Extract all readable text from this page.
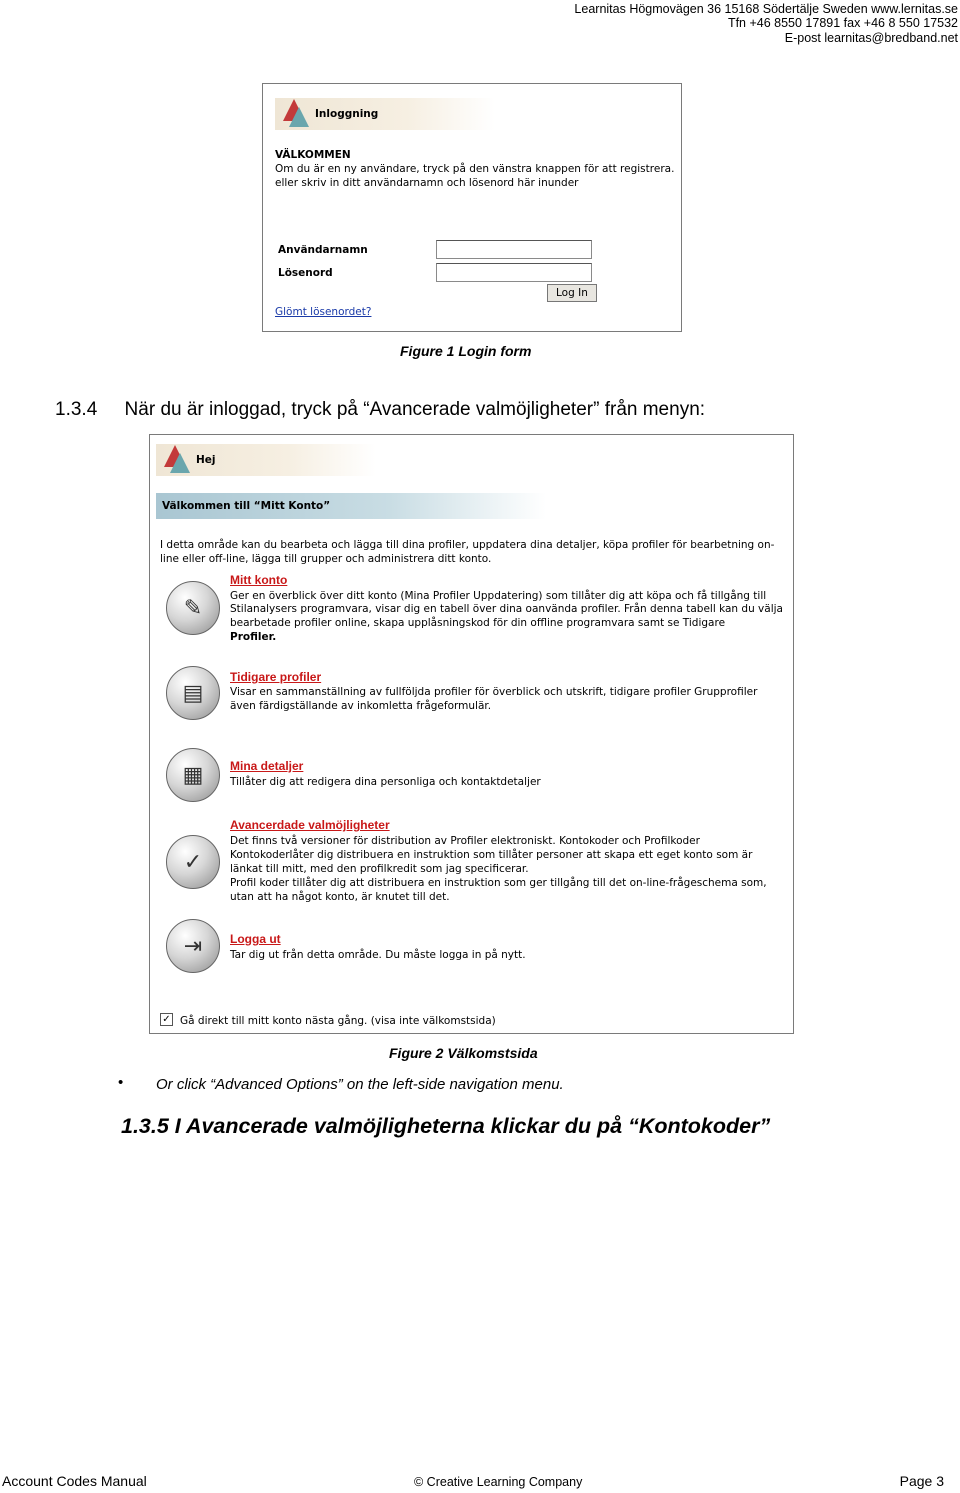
Learnitas Högmovägen 36 15168 Södertälje Sweden www.lernitas.se
Tfn +46 8550 17891 fax +46 8 550 17532
E-post learnitas@bredband.net
Inloggning
VÄLKOMMEN
Om du är en ny användare, tryck på den vänstra knappen för att registrera.
eller skriv in ditt användarnamn och lösenord här inunder
Användarnamn
Lösenord
Log In
Glömt lösenordet?
Figure 1 Login form
1.3.4 När du är inloggad, tryck på “Avancerade valmöjligheter” från menyn:
Hej
Välkommen till “Mitt Konto”
I detta område kan du bearbeta och lägga till dina profiler, uppdatera dina detaljer, köpa profiler för bearbetning on-
line eller off-line, lägga till grupper och administrera ditt konto.
✎
Mitt konto
Ger en överblick över ditt konto (Mina Profiler Uppdatering) som tillåter dig att köpa och få tillgång till
Stilanalysers programvara, visar dig en tabell över dina oanvända profiler. Från denna tabell kan du välja
bearbetade profiler online, skapa upplåsningskod för din offline programvara samt se Tidigare
Profiler.
▤
Tidigare profiler
Visar en sammanställning av fullföljda profiler för överblick och utskrift, tidigare profiler Grupprofiler
även färdigställande av inkomletta frågeformulär.
▦	Mina detaljer
Tillåter dig att redigera dina personliga och kontaktdetaljer
✓
Avancerdade valmöjligheter
Det finns två versioner för distribution av Profiler elektroniskt. Kontokoder och Profilkoder
Kontokoderlåter dig distribuera en instruktion som tillåter personer att skapa ett eget konto som är
länkat till mitt, med den profilkredit som jag specificerar.
Profil koder tillåter dig att distribuera en instruktion som ger tillgång till det on-line-frågeschema som,
utan att ha något konto, är knutet till det.
⇥	Logga ut
Tar dig ut från detta område. Du måste logga in på nytt.
✓ Gå direkt till mitt konto nästa gång. (visa inte välkomstsida)
Figure 2 Välkomstsida
• Or click “Advanced Options” on the left-side navigation menu.
1.3.5 I Avancerade valmöjligheterna klickar du på “Kontokoder”
Account Codes Manual	© Creative Learning Company	Page 3
